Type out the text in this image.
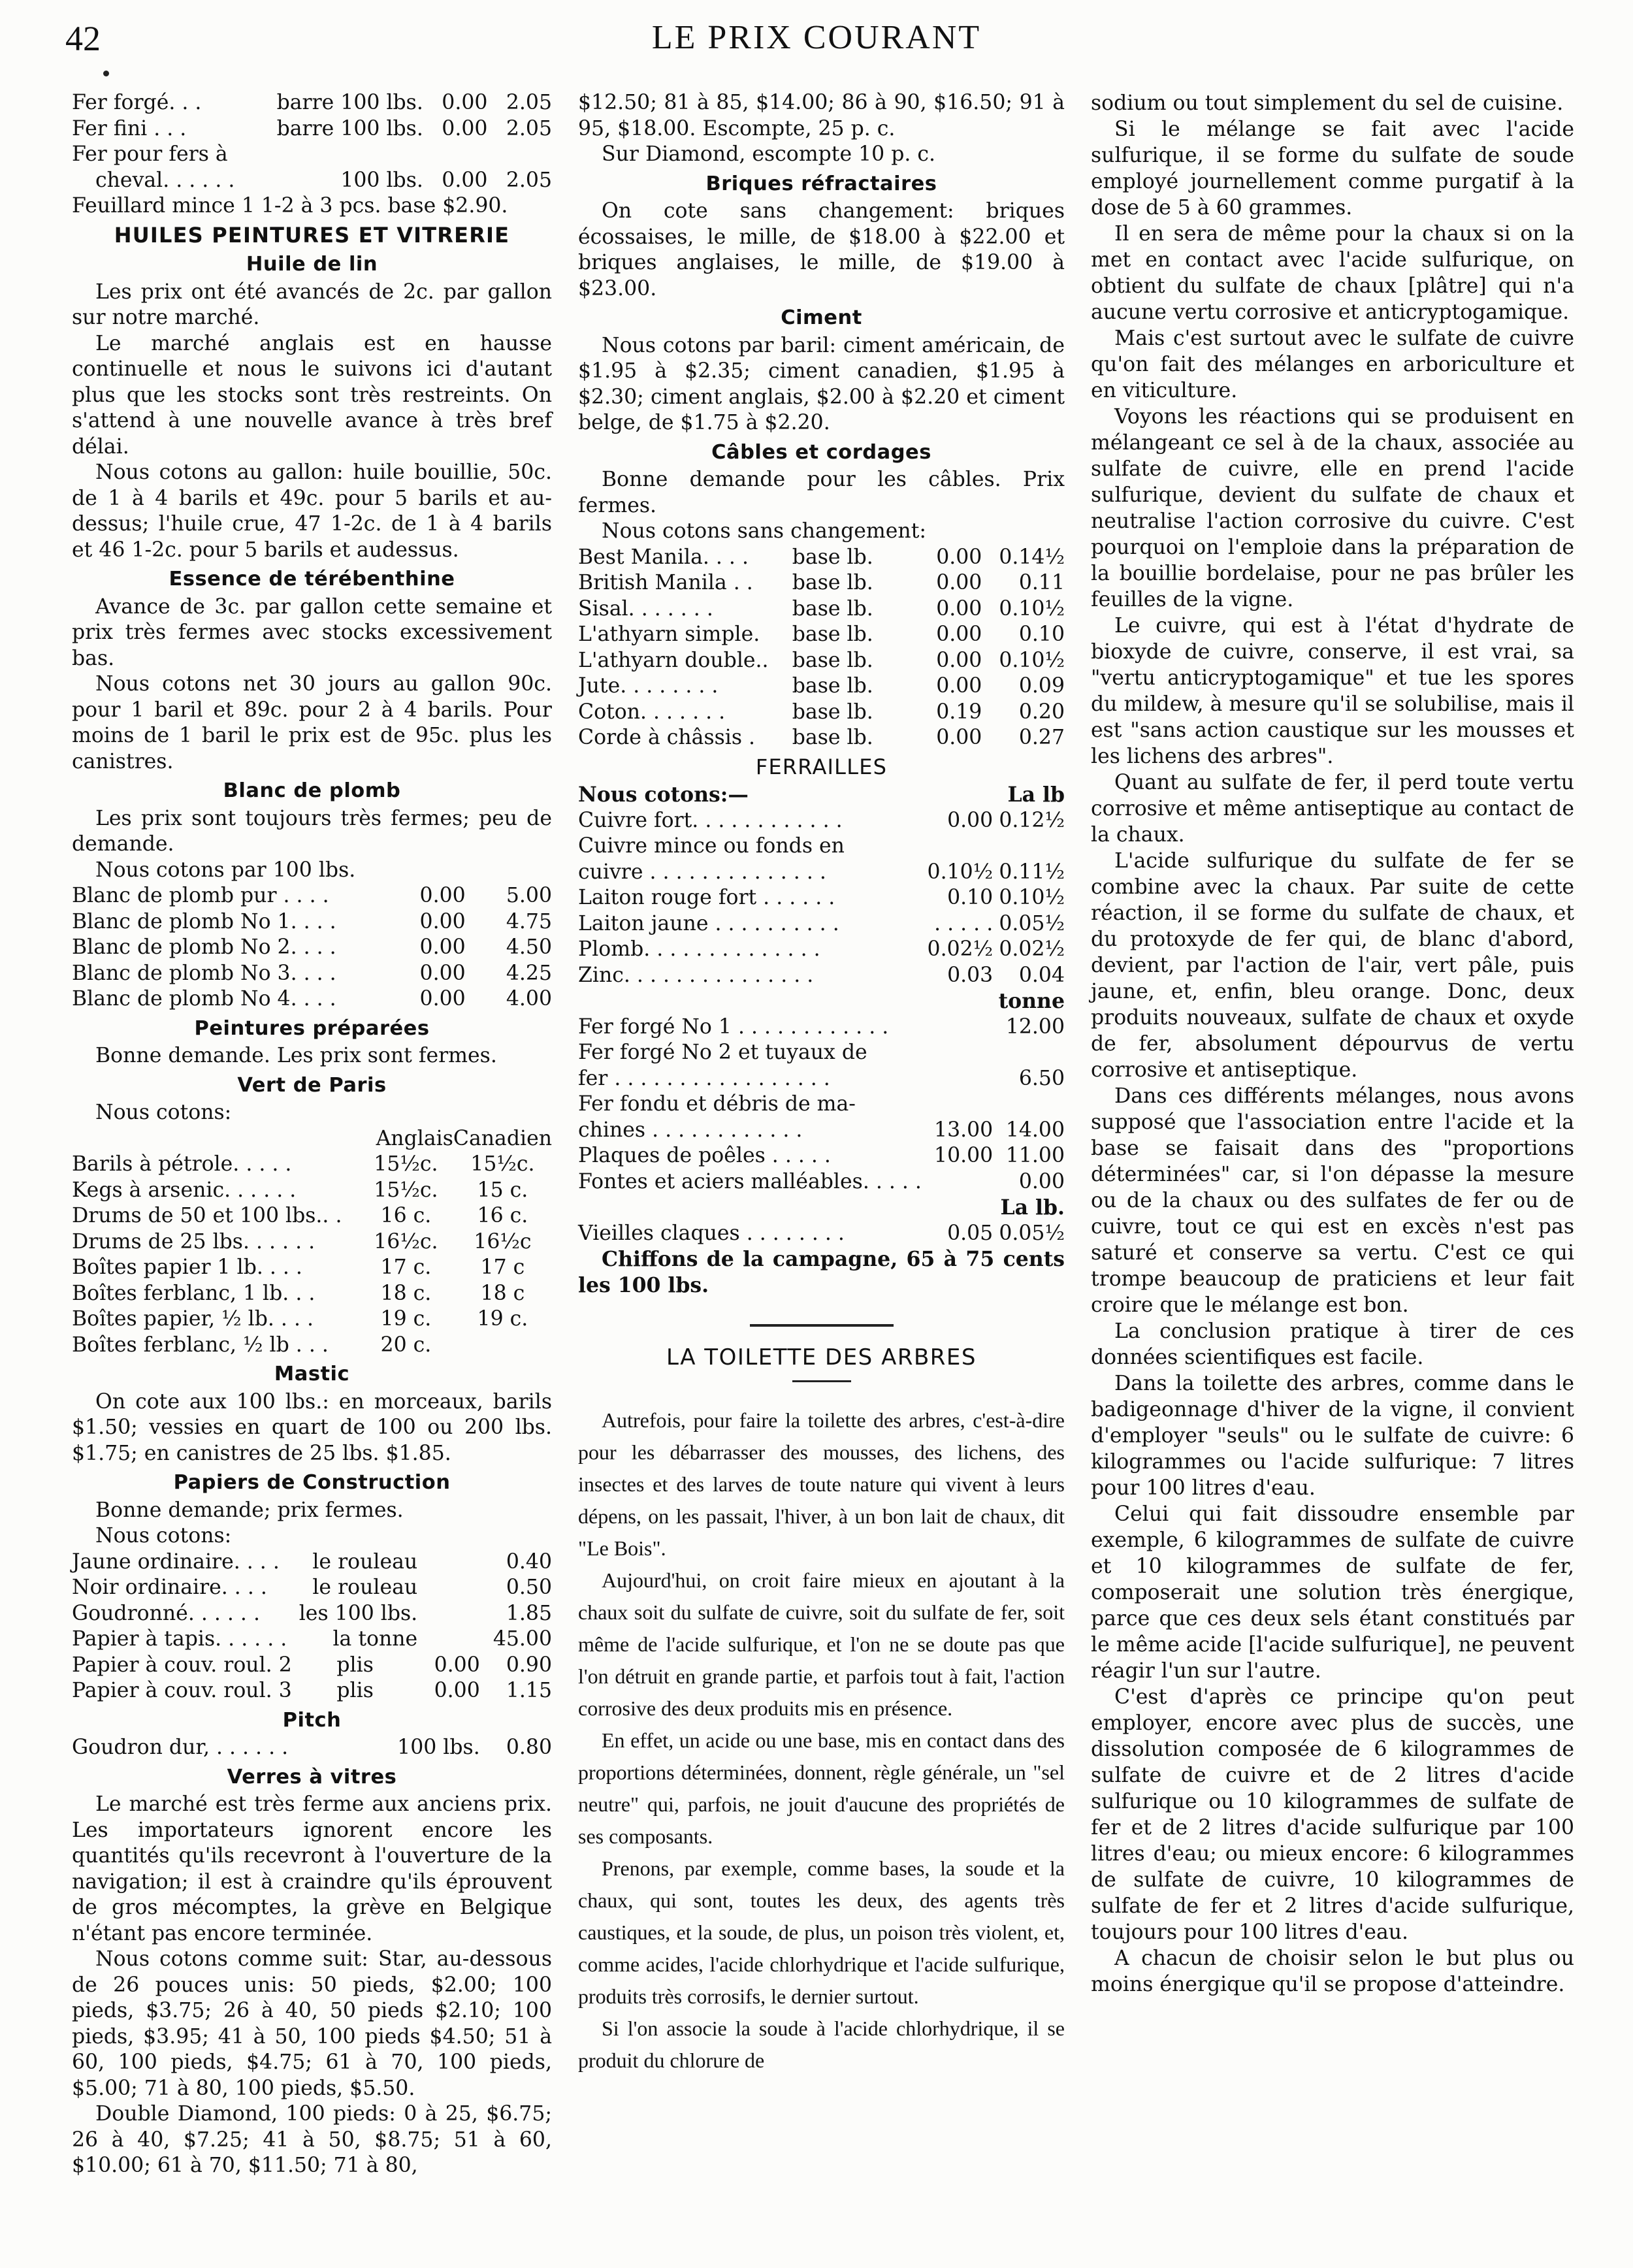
42	LE PRIX COURANT
Fer forgé. . .	barre 100 lbs.	0.00	2.05
Fer fini . . .	barre 100 lbs.	0.00	2.05
Fer pour fers à			
cheval. . . . . .	100 lbs.	0.00	2.05

Feuillard mince 1 1-2 à 3 pcs. base $2.90.

HUILES PEINTURES ET VITRERIE
Huile de lin

Les prix ont été avancés de 2c. par gallon sur notre marché.

Le marché anglais est en hausse continuelle et nous le suivons ici d'autant plus que les stocks sont très restreints. On s'attend à une nouvelle avance à très bref délai.

Nous cotons au gallon: huile bouillie, 50c. de 1 à 4 barils et 49c. pour 5 barils et au-dessus; l'huile crue, 47 1-2c. de 1 à 4 barils et 46 1-2c. pour 5 barils et audessus.

Essence de térébenthine

Avance de 3c. par gallon cette semaine et prix très fermes avec stocks excessivement bas.

Nous cotons net 30 jours au gallon 90c. pour 1 baril et 89c. pour 2 à 4 barils. Pour moins de 1 baril le prix est de 95c. plus les canistres.

Blanc de plomb

Les prix sont toujours très fermes; peu de demande.

Nous cotons par 100 lbs.

Blanc de plomb pur . . . .	0.00	5.00
Blanc de plomb No 1. . . .	0.00	4.75
Blanc de plomb No 2. . . .	0.00	4.50
Blanc de plomb No 3. . . .	0.00	4.25
Blanc de plomb No 4. . . .	0.00	4.00
Peintures préparées

Bonne demande. Les prix sont fermes.

Vert de Paris

Nous cotons:

	Anglais	Canadien
Barils à pétrole. . . . .	15½c.	15½c.
Kegs à arsenic. . . . . .	15½c.	15 c.
Drums de 50 et 100 lbs.. .	16 c.	16 c.
Drums de 25 lbs. . . . . .	16½c.	16½c
Boîtes papier 1 lb. . . .	17 c.	17 c
Boîtes ferblanc, 1 lb. . .	18 c.	18 c
Boîtes papier, ½ lb. . . .	19 c.	19 c.
Boîtes ferblanc, ½ lb . . .	20 c.	
Mastic

On cote aux 100 lbs.: en morceaux, barils $1.50; vessies en quart de 100 ou 200 lbs. $1.75; en canistres de 25 lbs. $1.85.

Papiers de Construction

Bonne demande; prix fermes.

Nous cotons:

Jaune ordinaire. . . .	le rouleau		0.40
Noir ordinaire. . . .	le rouleau		0.50
Goudronné. . . . . .	les 100 lbs.		1.85
Papier à tapis. . . . . .	la tonne		45.00
Papier à couv. roul. 2	plis	0.00	0.90
Papier à couv. roul. 3	plis	0.00	1.15
Pitch
Goudron dur, . . . . . .	100 lbs.	0.80
Verres à vitres

Le marché est très ferme aux anciens prix. Les importateurs ignorent encore les quantités qu'ils recevront à l'ouverture de la navigation; il est à craindre qu'ils éprouvent de gros mécomptes, la grève en Belgique n'étant pas encore terminée.

Nous cotons comme suit: Star, au-dessous de 26 pouces unis: 50 pieds, $2.00; 100 pieds, $3.75; 26 à 40, 50 pieds $2.10; 100 pieds, $3.95; 41 à 50, 100 pieds $4.50; 51 à 60, 100 pieds, $4.75; 61 à 70, 100 pieds, $5.00; 71 à 80, 100 pieds, $5.50.

Double Diamond, 100 pieds: 0 à 25, $6.75; 26 à 40, $7.25; 41 à 50, $8.75; 51 à 60, $10.00; 61 à 70, $11.50; 71 à 80,

$12.50; 81 à 85, $14.00; 86 à 90, $16.50; 91 à 95, $18.00. Escompte, 25 p. c.

Sur Diamond, escompte 10 p. c.

Briques réfractaires

On cote sans changement: briques écossaises, le mille, de $18.00 à $22.00 et briques anglaises, le mille, de $19.00 à $23.00.

Ciment

Nous cotons par baril: ciment américain, de $1.95 à $2.35; ciment canadien, $1.95 à $2.30; ciment anglais, $2.00 à $2.20 et ciment belge, de $1.75 à $2.20.

Câbles et cordages

Bonne demande pour les câbles. Prix fermes.

Nous cotons sans changement:

Best Manila. . . .	base lb.	0.00	0.14½
British Manila . .	base lb.	0.00	0.11
Sisal. . . . . . .	base lb.	0.00	0.10½
L'athyarn simple.	base lb.	0.00	0.10
L'athyarn double..	base lb.	0.00	0.10½
Jute. . . . . . . .	base lb.	0.00	0.09
Coton. . . . . . .	base lb.	0.19	0.20
Corde à châssis .	base lb.	0.00	0.27
FERRAILLES
Nous cotons:—		La lb
Cuivre fort. . . . . . . . . . . .	0.00	0.12½
Cuivre mince ou fonds en		
cuivre . . . . . . . . . . . . . .	0.10½	0.11½
Laiton rouge fort . . . . . .	0.10	0.10½
Laiton jaune . . . . . . . . . .	. . . . .	0.05½
Plomb. . . . . . . . . . . . . .	0.02½	0.02½
Zinc. . . . . . . . . . . . . . .	0.03	0.04
		tonne
Fer forgé No 1 . . . . . . . . . . . .		12.00
Fer forgé No 2 et tuyaux de		
fer . . . . . . . . . . . . . . . . .		6.50
Fer fondu et débris de ma-		
chines . . . . . . . . . . . .	13.00	14.00
Plaques de poêles . . . . .	10.00	11.00
Fontes et aciers malléables. . . . .		0.00
		La lb.
Vieilles claques . . . . . . . .	0.05	0.05½

Chiffons de la campagne, 65 à 75 cents les 100 lbs.

LA TOILETTE DES ARBRES

Autrefois, pour faire la toilette des arbres, c'est-à-dire pour les débarrasser des mousses, des lichens, des insectes et des larves de toute nature qui vivent à leurs dépens, on les passait, l'hiver, à un bon lait de chaux, dit "Le Bois".

Aujourd'hui, on croit faire mieux en ajoutant à la chaux soit du sulfate de cuivre, soit du sulfate de fer, soit même de l'acide sulfurique, et l'on ne se doute pas que l'on détruit en grande partie, et parfois tout à fait, l'action corrosive des deux produits mis en présence.

En effet, un acide ou une base, mis en contact dans des proportions déterminées, donnent, règle générale, un "sel neutre" qui, parfois, ne jouit d'aucune des propriétés de ses composants.

Prenons, par exemple, comme bases, la soude et la chaux, qui sont, toutes les deux, des agents très caustiques, et la soude, de plus, un poison très violent, et, comme acides, l'acide chlorhydrique et l'acide sulfurique, produits très corrosifs, le dernier surtout.

Si l'on associe la soude à l'acide chlorhydrique, il se produit du chlorure de

sodium ou tout simplement du sel de cuisine.

Si le mélange se fait avec l'acide sulfurique, il se forme du sulfate de soude employé journellement comme purgatif à la dose de 5 à 60 grammes.

Il en sera de même pour la chaux si on la met en contact avec l'acide sulfurique, on obtient du sulfate de chaux [plâtre] qui n'a aucune vertu corrosive et anticryptogamique.

Mais c'est surtout avec le sulfate de cuivre qu'on fait des mélanges en arboriculture et en viticulture.

Voyons les réactions qui se produisent en mélangeant ce sel à de la chaux, associée au sulfate de cuivre, elle en prend l'acide sulfurique, devient du sulfate de chaux et neutralise l'action corrosive du cuivre. C'est pourquoi on l'emploie dans la préparation de la bouillie bordelaise, pour ne pas brûler les feuilles de la vigne.

Le cuivre, qui est à l'état d'hydrate de bioxyde de cuivre, conserve, il est vrai, sa "vertu anticryptogamique" et tue les spores du mildew, à mesure qu'il se solubilise, mais il est "sans action caustique sur les mousses et les lichens des arbres".

Quant au sulfate de fer, il perd toute vertu corrosive et même antiseptique au contact de la chaux.

L'acide sulfurique du sulfate de fer se combine avec la chaux. Par suite de cette réaction, il se forme du sulfate de chaux, et du protoxyde de fer qui, de blanc d'abord, devient, par l'action de l'air, vert pâle, puis jaune, et, enfin, bleu orange. Donc, deux produits nouveaux, sulfate de chaux et oxyde de fer, absolument dépourvus de vertu corrosive et antiseptique.

Dans ces différents mélanges, nous avons supposé que l'association entre l'acide et la base se faisait dans des "proportions déterminées" car, si l'on dépasse la mesure ou de la chaux ou des sulfates de fer ou de cuivre, tout ce qui est en excès n'est pas saturé et conserve sa vertu. C'est ce qui trompe beaucoup de praticiens et leur fait croire que le mélange est bon.

La conclusion pratique à tirer de ces données scientifiques est facile.

Dans la toilette des arbres, comme dans le badigeonnage d'hiver de la vigne, il convient d'employer "seuls" ou le sulfate de cuivre: 6 kilogrammes ou l'acide sulfurique: 7 litres pour 100 litres d'eau.

Celui qui fait dissoudre ensemble par exemple, 6 kilogrammes de sulfate de cuivre et 10 kilogrammes de sulfate de fer, composerait une solution très énergique, parce que ces deux sels étant constitués par le même acide [l'acide sulfurique], ne peuvent réagir l'un sur l'autre.

C'est d'après ce principe qu'on peut employer, encore avec plus de succès, une dissolution composée de 6 kilogrammes de sulfate de cuivre et de 2 litres d'acide sulfurique ou 10 kilogrammes de sulfate de fer et de 2 litres d'acide sulfurique par 100 litres d'eau; ou mieux encore: 6 kilogrammes de sulfate de cuivre, 10 kilogrammes de sulfate de fer et 2 litres d'acide sulfurique, toujours pour 100 litres d'eau.

A chacun de choisir selon le but plus ou moins énergique qu'il se propose d'atteindre.
